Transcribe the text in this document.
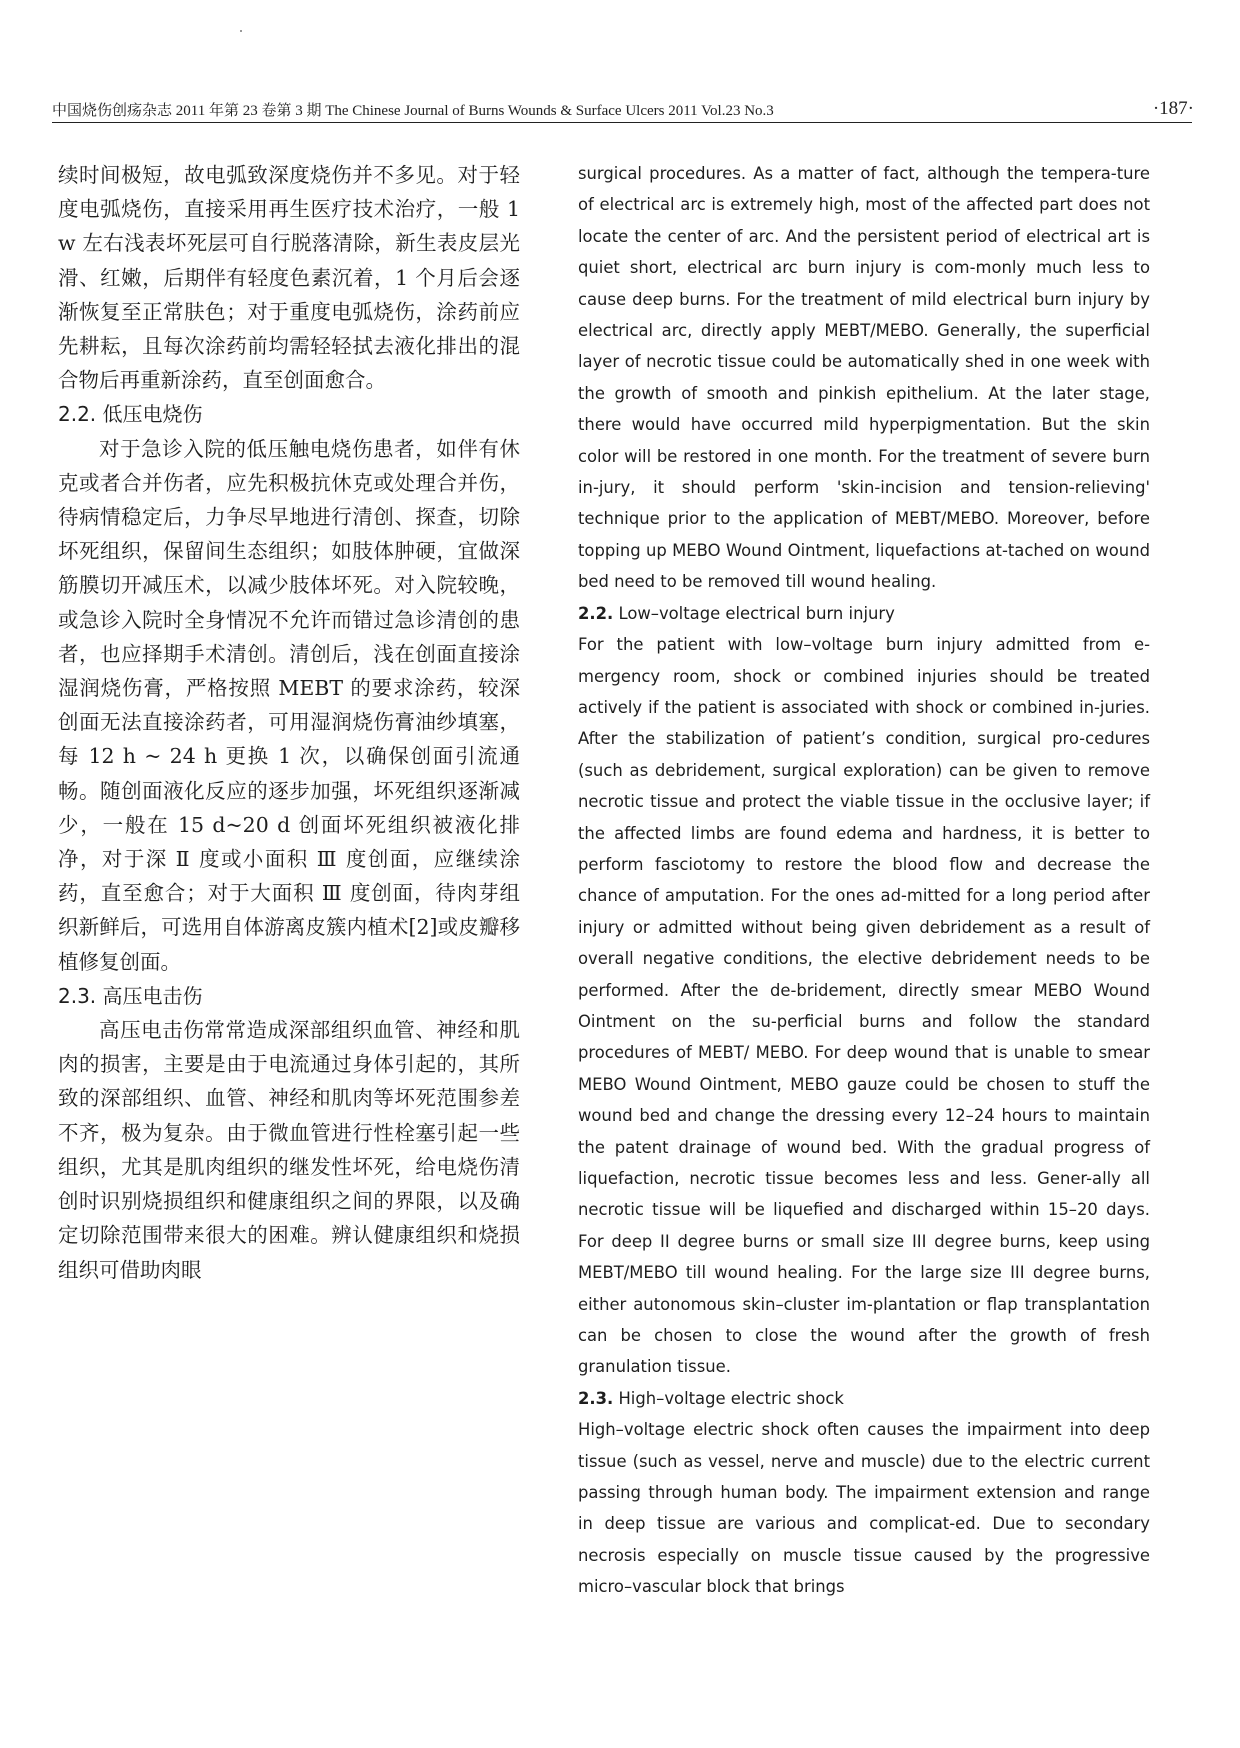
中国烧伤创疡杂志 2011 年第 23 卷第 3 期 The Chinese Journal of Burns Wounds & Surface Ulcers 2011 Vol.23 No.3	·187·

续时间极短，故电弧致深度烧伤并不多见。对于轻度电弧烧伤，直接采用再生医疗技术治疗，一般 1 w 左右浅表坏死层可自行脱落清除，新生表皮层光滑、红嫩，后期伴有轻度色素沉着，1 个月后会逐渐恢复至正常肤色；对于重度电弧烧伤，涂药前应先耕耘，且每次涂药前均需轻轻拭去液化排出的混合物后再重新涂药，直至创面愈合。

2.2. 低压电烧伤

对于急诊入院的低压触电烧伤患者，如伴有休克或者合并伤者，应先积极抗休克或处理合并伤，待病情稳定后，力争尽早地进行清创、探查，切除坏死组织，保留间生态组织；如肢体肿硬，宜做深筋膜切开减压术，以减少肢体坏死。对入院较晚，或急诊入院时全身情况不允许而错过急诊清创的患者，也应择期手术清创。清创后，浅在创面直接涂湿润烧伤膏，严格按照 MEBT 的要求涂药，较深创面无法直接涂药者，可用湿润烧伤膏油纱填塞，每 12 h ~ 24 h 更换 1 次，以确保创面引流通畅。随创面液化反应的逐步加强，坏死组织逐渐减少，一般在 15 d~20 d 创面坏死组织被液化排净，对于深 Ⅱ 度或小面积 Ⅲ 度创面，应继续涂药，直至愈合；对于大面积 Ⅲ 度创面，待肉芽组织新鲜后，可选用自体游离皮簇内植术[2]或皮瓣移植修复创面。

2.3. 高压电击伤

高压电击伤常常造成深部组织血管、神经和肌肉的损害，主要是由于电流通过身体引起的，其所致的深部组织、血管、神经和肌肉等坏死范围参差不齐，极为复杂。由于微血管进行性栓塞引起一些组织，尤其是肌肉组织的继发性坏死，给电烧伤清创时识别烧损组织和健康组织之间的界限，以及确定切除范围带来很大的困难。辨认健康组织和烧损组织可借助肉眼

surgical procedures. As a matter of fact, although the tempera-ture of electrical arc is extremely high, most of the affected part does not locate the center of arc. And the persistent period of electrical art is quiet short, electrical arc burn injury is com-monly much less to cause deep burns. For the treatment of mild electrical burn injury by electrical arc, directly apply MEBT/MEBO. Generally, the superficial layer of necrotic tissue could be automatically shed in one week with the growth of smooth and pinkish epithelium. At the later stage, there would have occurred mild hyperpigmentation. But the skin color will be restored in one month. For the treatment of severe burn in-jury, it should perform 'skin-incision and tension-relieving' technique prior to the application of MEBT/MEBO. Moreover, before topping up MEBO Wound Ointment, liquefactions at-tached on wound bed need to be removed till wound healing.

2.2. Low–voltage electrical burn injury

For the patient with low–voltage burn injury admitted from e-mergency room, shock or combined injuries should be treated actively if the patient is associated with shock or combined in-juries. After the stabilization of patient’s condition, surgical pro-cedures (such as debridement, surgical exploration) can be given to remove necrotic tissue and protect the viable tissue in the occlusive layer; if the affected limbs are found edema and hardness, it is better to perform fasciotomy to restore the blood flow and decrease the chance of amputation. For the ones ad-mitted for a long period after injury or admitted without being given debridement as a result of overall negative conditions, the elective debridement needs to be performed. After the de-bridement, directly smear MEBO Wound Ointment on the su-perficial burns and follow the standard procedures of MEBT/ MEBO. For deep wound that is unable to smear MEBO Wound Ointment, MEBO gauze could be chosen to stuff the wound bed and change the dressing every 12–24 hours to maintain the patent drainage of wound bed. With the gradual progress of liquefaction, necrotic tissue becomes less and less. Gener-ally all necrotic tissue will be liquefied and discharged within 15–20 days. For deep II degree burns or small size III degree burns, keep using MEBT/MEBO till wound healing. For the large size III degree burns, either autonomous skin–cluster im-plantation or flap transplantation can be chosen to close the wound after the growth of fresh granulation tissue.

2.3. High–voltage electric shock

High–voltage electric shock often causes the impairment into deep tissue (such as vessel, nerve and muscle) due to the electric current passing through human body. The impairment extension and range in deep tissue are various and complicat-ed. Due to secondary necrosis especially on muscle tissue caused by the progressive micro–vascular block that brings
